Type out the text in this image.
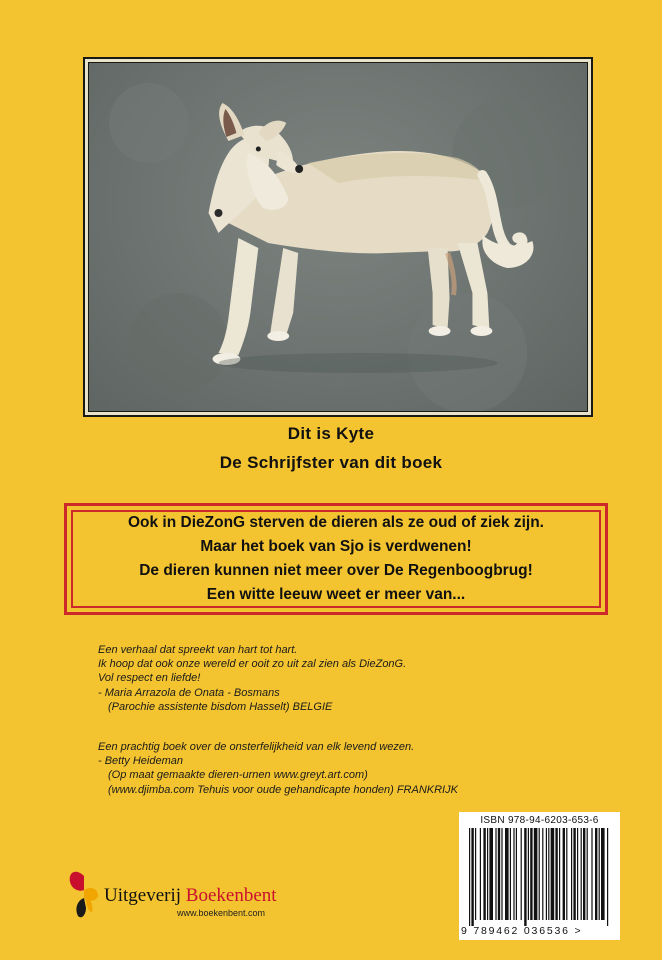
Dit is Kyte
De Schrijfster van dit boek
Ook in DieZonG sterven de dieren als ze oud of ziek zijn.
Maar het boek van Sjo is verdwenen!
De dieren kunnen niet meer over De Regenboogbrug!
Een witte leeuw weet er meer van...
Een verhaal dat spreekt van hart tot hart.
Ik hoop dat ook onze wereld er ooit zo uit zal zien als DieZonG.
Vol respect en liefde!
- Maria Arrazola de Onata - Bosmans
(Parochie assistente bisdom Hasselt) BELGIE
Een prachtig boek over de onsterfelijkheid van elk levend wezen.
- Betty Heideman
(Op maat gemaakte dieren-urnen www.greyt.art.com)
(www.djimba.com Tehuis voor oude gehandicapte honden) FRANKRIJK
ISBN 978-94-6203-653-6
9 789462 036536 >
Uitgeverij Boekenbent
www.boekenbent.com
